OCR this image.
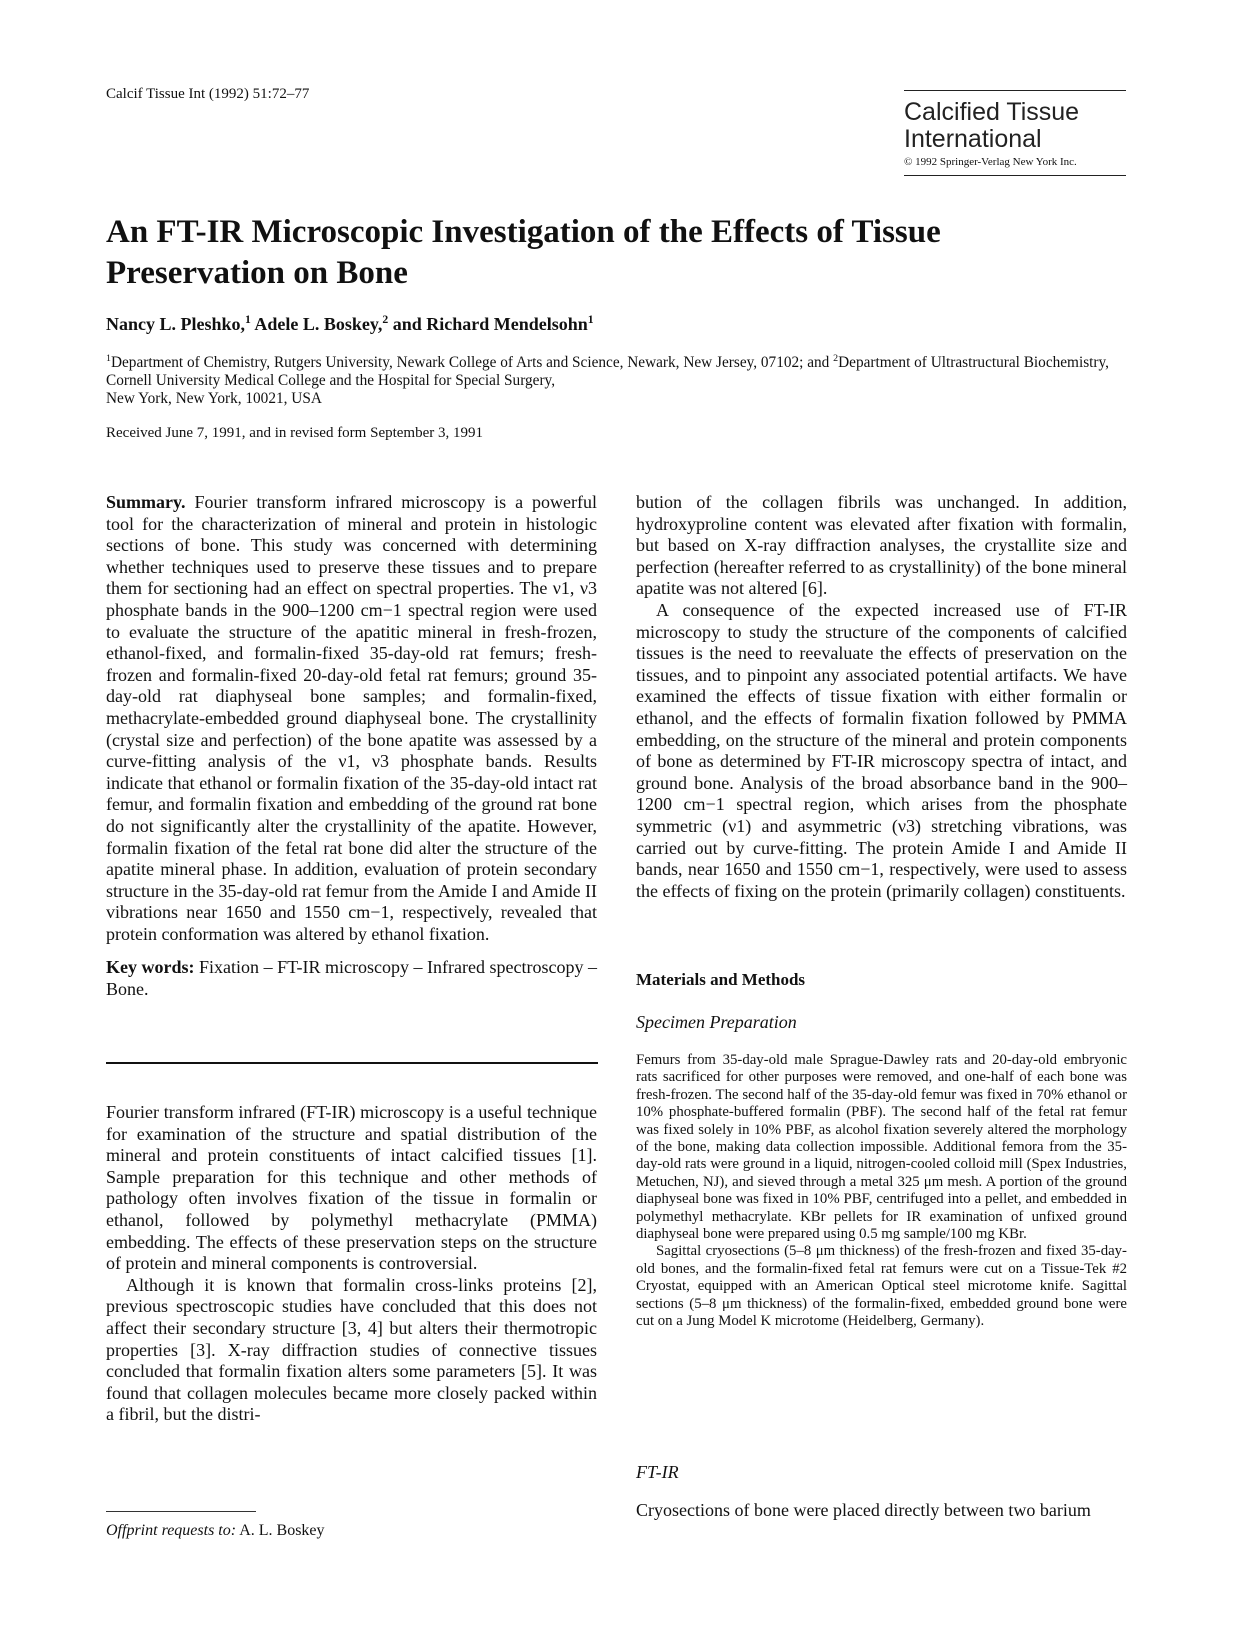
Calcif Tissue Int (1992) 51:72–77
Calcified Tissue
International
© 1992 Springer-Verlag New York Inc.
An FT-IR Microscopic Investigation of the Effects of Tissue
Preservation on Bone
Nancy L. Pleshko,$^1$ Adele L. Boskey,$^2$ and Richard Mendelsohn$^1$
$^1$Department of Chemistry, Rutgers University, Newark College of Arts and Science, Newark, New Jersey, 07102; and $^2$Department of Ultrastructural Biochemistry, Cornell University Medical College and the Hospital for Special Surgery,
New York, New York, 10021, USA
Received June 7, 1991, and in revised form September 3, 1991

Summary. Fourier transform infrared microscopy is a powerful tool for the characterization of mineral and protein in histologic sections of bone. This study was concerned with determining whether techniques used to preserve these tissues and to prepare them for sectioning had an effect on spectral properties. The ν1, ν3 phosphate bands in the 900–1200 cm−1 spectral region were used to evaluate the structure of the apatitic mineral in fresh-frozen, ethanol-fixed, and formalin-fixed 35-day-old rat femurs; fresh-frozen and formalin-fixed 20-day-old fetal rat femurs; ground 35-day-old rat diaphyseal bone samples; and formalin-fixed, methacrylate-embedded ground diaphyseal bone. The crystallinity (crystal size and perfection) of the bone apatite was assessed by a curve-fitting analysis of the ν1, ν3 phosphate bands. Results indicate that ethanol or formalin fixation of the 35-day-old intact rat femur, and formalin fixation and embedding of the ground rat bone do not significantly alter the crystallinity of the apatite. However, formalin fixation of the fetal rat bone did alter the structure of the apatite mineral phase. In addition, evaluation of protein secondary structure in the 35-day-old rat femur from the Amide I and Amide II vibrations near 1650 and 1550 cm−1, respectively, revealed that protein conformation was altered by ethanol fixation.

Key words: Fixation – FT-IR microscopy – Infrared spectroscopy – Bone.

Fourier transform infrared (FT-IR) microscopy is a useful technique for examination of the structure and spatial distribution of the mineral and protein constituents of intact calcified tissues [1]. Sample preparation for this technique and other methods of pathology often involves fixation of the tissue in formalin or ethanol, followed by polymethyl methacrylate (PMMA) embedding. The effects of these preservation steps on the structure of protein and mineral components is controversial.

Although it is known that formalin cross-links proteins [2], previous spectroscopic studies have concluded that this does not affect their secondary structure [3, 4] but alters their thermotropic properties [3]. X-ray diffraction studies of connective tissues concluded that formalin fixation alters some parameters [5]. It was found that collagen molecules became more closely packed within a fibril, but the distri-

bution of the collagen fibrils was unchanged. In addition, hydroxyproline content was elevated after fixation with formalin, but based on X-ray diffraction analyses, the crystallite size and perfection (hereafter referred to as crystallinity) of the bone mineral apatite was not altered [6].

A consequence of the expected increased use of FT-IR microscopy to study the structure of the components of calcified tissues is the need to reevaluate the effects of preservation on the tissues, and to pinpoint any associated potential artifacts. We have examined the effects of tissue fixation with either formalin or ethanol, and the effects of formalin fixation followed by PMMA embedding, on the structure of the mineral and protein components of bone as determined by FT-IR microscopy spectra of intact, and ground bone. Analysis of the broad absorbance band in the 900–1200 cm−1 spectral region, which arises from the phosphate symmetric (ν1) and asymmetric (ν3) stretching vibrations, was carried out by curve-fitting. The protein Amide I and Amide II bands, near 1650 and 1550 cm−1, respectively, were used to assess the effects of fixing on the protein (primarily collagen) constituents.

Materials and Methods
Specimen Preparation

Femurs from 35-day-old male Sprague-Dawley rats and 20-day-old embryonic rats sacrificed for other purposes were removed, and one-half of each bone was fresh-frozen. The second half of the 35-day-old femur was fixed in 70% ethanol or 10% phosphate-buffered formalin (PBF). The second half of the fetal rat femur was fixed solely in 10% PBF, as alcohol fixation severely altered the morphology of the bone, making data collection impossible. Additional femora from the 35-day-old rats were ground in a liquid, nitrogen-cooled colloid mill (Spex Industries, Metuchen, NJ), and sieved through a metal 325 μm mesh. A portion of the ground diaphyseal bone was fixed in 10% PBF, centrifuged into a pellet, and embedded in polymethyl methacrylate. KBr pellets for IR examination of unfixed ground diaphyseal bone were prepared using 0.5 mg sample/100 mg KBr.

Sagittal cryosections (5–8 μm thickness) of the fresh-frozen and fixed 35-day-old bones, and the formalin-fixed fetal rat femurs were cut on a Tissue-Tek #2 Cryostat, equipped with an American Optical steel microtome knife. Sagittal sections (5–8 μm thickness) of the formalin-fixed, embedded ground bone were cut on a Jung Model K microtome (Heidelberg, Germany).

FT-IR

Cryosections of bone were placed directly between two barium

Offprint requests to: A. L. Boskey
